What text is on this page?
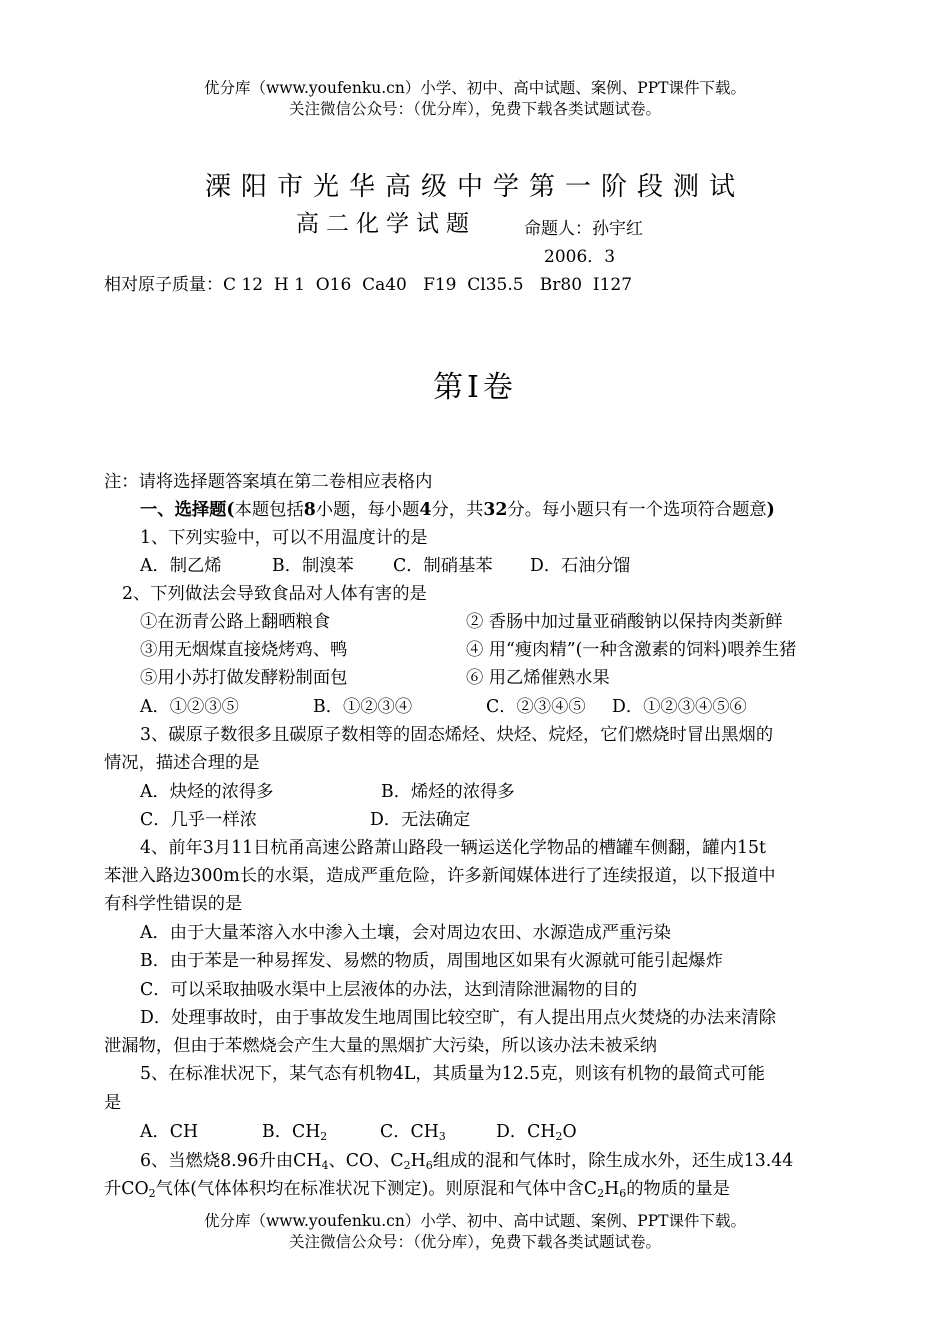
优分库（www.youfenku.cn）小学、初中、高中试题、案例、PPT课件下载。
关注微信公众号：（优分库），免费下载各类试题试卷。
溧阳市光华高级中学第一阶段测试
高二化学试题	命题人：孙宇红
2006．3
相对原子质量：C 12  H 1  O16  Ca40   F19  Cl35.5   Br80  I127
第Ⅰ卷
注：请将选择题答案填在第二卷相应表格内
一、选择题(本题包括8小题，每小题4分，共32分。每小题只有一个选项符合题意)
1、下列实验中，可以不用温度计的是
A．制乙烯	B．制溴苯 C．制硝基苯 D．石油分馏
2、下列做法会导致食品对人体有害的是
①在沥青公路上翻晒粮食	② 香肠中加过量亚硝酸钠以保持肉类新鲜
③用无烟煤直接烧烤鸡、鸭	④ 用“瘦肉精”(一种含激素的饲料)喂养生猪
⑤用小苏打做发酵粉制面包	⑥ 用乙烯催熟水果
A．①②③⑤	B．①②③④	C．②③④⑤ D．①②③④⑤⑥
3、碳原子数很多且碳原子数相等的固态烯烃、炔烃、烷烃，它们燃烧时冒出黑烟的
情况，描述合理的是
A．炔烃的浓得多	B．烯烃的浓得多
C．几乎一样浓	D．无法确定
4、前年3月11日杭甬高速公路萧山路段一辆运送化学物品的槽罐车侧翻，罐内15t
苯泄入路边300m长的水渠，造成严重危险，许多新闻媒体进行了连续报道，以下报道中
有科学性错误的是
A．由于大量苯溶入水中渗入土壤，会对周边农田、水源造成严重污染
B．由于苯是一种易挥发、易燃的物质，周围地区如果有火源就可能引起爆炸
C．可以采取抽吸水渠中上层液体的办法，达到清除泄漏物的目的
D．处理事故时，由于事故发生地周围比较空旷，有人提出用点火焚烧的办法来清除
泄漏物，但由于苯燃烧会产生大量的黑烟扩大污染，所以该办法未被采纳
5、在标准状况下，某气态有机物4L，其质量为12.5克，则该有机物的最简式可能
是
A．CH	B．$CH_2$	C．$CH_3$	D．$CH_2O$
6、当燃烧8.96升由$CH_4$、CO、$C_2H_6$组成的混和气体时，除生成水外，还生成13.44
升$CO_2$气体(气体体积均在标准状况下测定)。则原混和气体中含$C_2H_6$的物质的量是
优分库（www.youfenku.cn）小学、初中、高中试题、案例、PPT课件下载。
关注微信公众号：（优分库），免费下载各类试题试卷。
